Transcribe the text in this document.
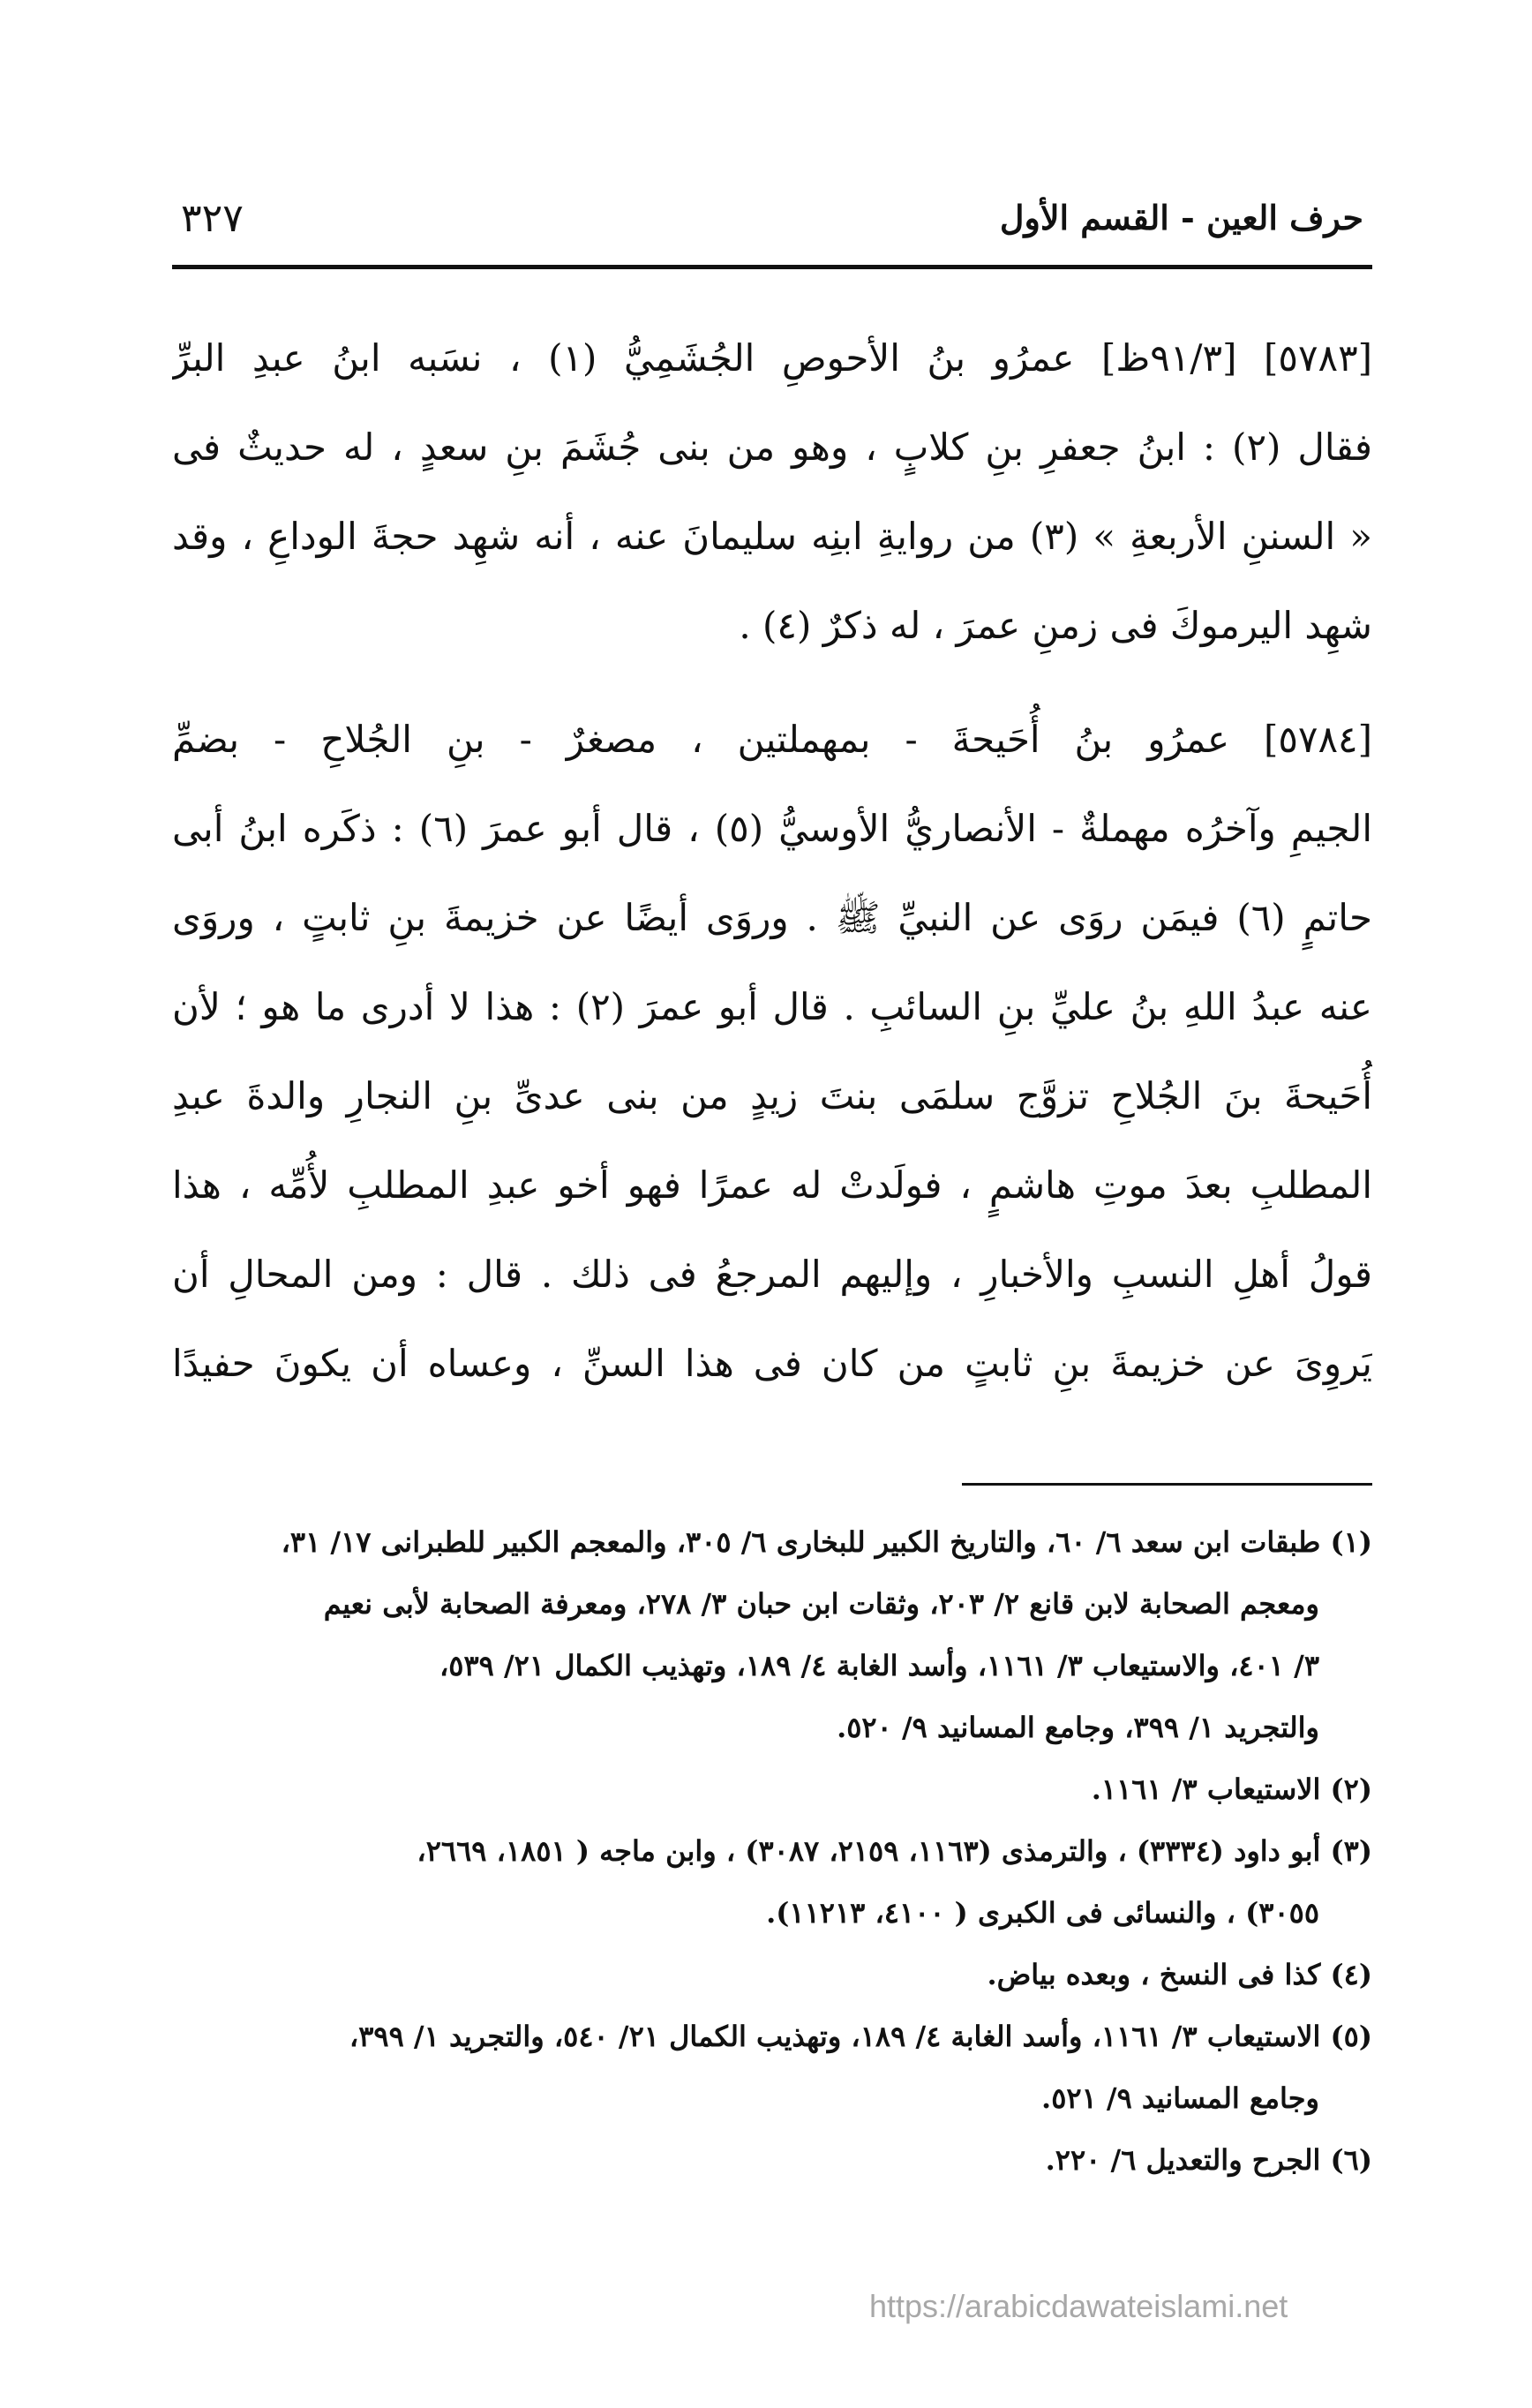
حرف العين - القسم الأول
٣٢٧
[٥٧٨٣] [٩١/٣ظ] عمرُو بنُ الأحوصِ الجُشَمِيُّ (١) ، نسَبه ابنُ عبدِ البرِّ
فقال (٢) : ابنُ جعفرِ بنِ كلابٍ ، وهو من بنى جُشَمَ بنِ سعدٍ ، له حديثٌ فى
« السننِ الأربعةِ » (٣) من روايةِ ابنِه سليمانَ عنه ، أنه شهِد حجةَ الوداعِ ، وقد
شهِد اليرموكَ فى زمنِ عمرَ ، له ذكرٌ (٤) .
[٥٧٨٤] عمرُو بنُ أُحَيحةَ - بمهملتين ، مصغرٌ - بنِ الجُلاحِ - بضمِّ
الجيمِ وآخرُه مهملةٌ - الأنصاريُّ الأوسيُّ (٥) ، قال أبو عمرَ (٦) : ذكَره ابنُ أبى
حاتمٍ (٦) فيمَن روَى عن النبيِّ ﷺ . وروَى أيضًا عن خزيمةَ بنِ ثابتٍ ، وروَى
عنه عبدُ اللهِ بنُ عليِّ بنِ السائبِ . قال أبو عمرَ (٢) : هذا لا أدرى ما هو ؛ لأن
أُحَيحةَ بنَ الجُلاحِ تزوَّج سلمَى بنتَ زيدٍ من بنى عدىِّ بنِ النجارِ والدةَ عبدِ
المطلبِ بعدَ موتِ هاشمٍ ، فولَدتْ له عمرًا فهو أخو عبدِ المطلبِ لأُمِّه ، هذا
قولُ أهلِ النسبِ والأخبارِ ، وإليهم المرجعُ فى ذلك . قال : ومن المحالِ أن
يَروِىَ عن خزيمةَ بنِ ثابتٍ من كان فى هذا السنِّ ، وعساه أن يكونَ حفيدًا
(١) طبقات ابن سعد ٦/ ٦٠، والتاريخ الكبير للبخارى ٦/ ٣٠٥، والمعجم الكبير للطبرانى ١٧/ ٣١،
ومعجم الصحابة لابن قانع ٢/ ٢٠٣، وثقات ابن حبان ٣/ ٢٧٨، ومعرفة الصحابة لأبى نعيم
٣/ ٤٠١، والاستيعاب ٣/ ١١٦١، وأسد الغابة ٤/ ١٨٩، وتهذيب الكمال ٢١/ ٥٣٩،
والتجريد ١/ ٣٩٩، وجامع المسانيد ٩/ ٥٢٠.
(٢) الاستيعاب ٣/ ١١٦١.
(٣) أبو داود (٣٣٣٤) ، والترمذى (١١٦٣، ٢١٥٩، ٣٠٨٧) ، وابن ماجه ( ١٨٥١، ٢٦٦٩،
٣٠٥٥) ، والنسائى فى الكبرى ( ٤١٠٠، ١١٢١٣).
(٤) كذا فى النسخ ، وبعده بياض.
(٥) الاستيعاب ٣/ ١١٦١، وأسد الغابة ٤/ ١٨٩، وتهذيب الكمال ٢١/ ٥٤٠، والتجريد ١/ ٣٩٩،
وجامع المسانيد ٩/ ٥٢١.
(٦) الجرح والتعديل ٦/ ٢٢٠.
https://arabicdawateislami.net
